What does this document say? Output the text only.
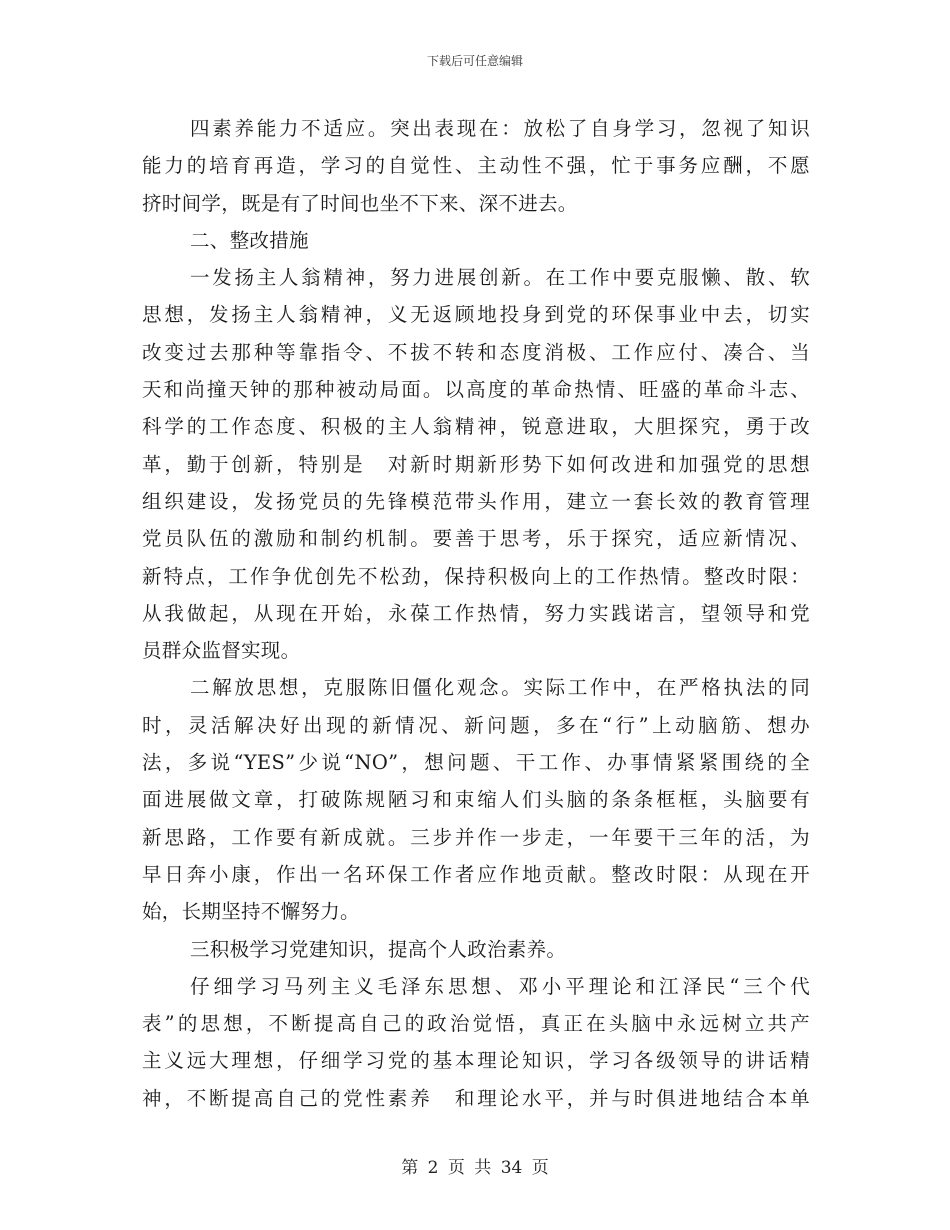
下载后可任意编辑
四素养能力不适应。突出表现在：放松了自身学习，忽视了知识
能力的培育再造，学习的自觉性、主动性不强，忙于事务应酬，不愿
挤时间学，既是有了时间也坐不下来、深不进去。
二、整改措施
一发扬主人翁精神，努力进展创新。在工作中要克服懒、散、软
思想，发扬主人翁精神，义无返顾地投身到党的环保事业中去，切实
改变过去那种等靠指令、不拔不转和态度消极、工作应付、凑合、当
天和尚撞天钟的那种被动局面。以高度的革命热情、旺盛的革命斗志、
科学的工作态度、积极的主人翁精神，锐意进取，大胆探究，勇于改
革，勤于创新，特别是　对新时期新形势下如何改进和加强党的思想
组织建设，发扬党员的先锋模范带头作用，建立一套长效的教育管理
党员队伍的激励和制约机制。要善于思考，乐于探究，适应新情况、
新特点，工作争优创先不松劲，保持积极向上的工作热情。整改时限：
从我做起，从现在开始，永葆工作热情，努力实践诺言，望领导和党
员群众监督实现。
二解放思想，克服陈旧僵化观念。实际工作中，在严格执法的同
时，灵活解决好出现的新情况、新问题，多在“行”上动脑筋、想办
法，多说“YES”少说“NO”，想问题、干工作、办事情紧紧围绕的全
面进展做文章，打破陈规陋习和束缩人们头脑的条条框框，头脑要有
新思路，工作要有新成就。三步并作一步走，一年要干三年的活，为
早日奔小康，作出一名环保工作者应作地贡献。整改时限：从现在开
始，长期坚持不懈努力。
三积极学习党建知识，提高个人政治素养。
仔细学习马列主义毛泽东思想、邓小平理论和江泽民“三个代
表”的思想，不断提高自己的政治觉悟，真正在头脑中永远树立共产
主义远大理想，仔细学习党的基本理论知识，学习各级领导的讲话精
神，不断提高自己的党性素养　和理论水平，并与时俱进地结合本单
第 2 页 共 34 页
